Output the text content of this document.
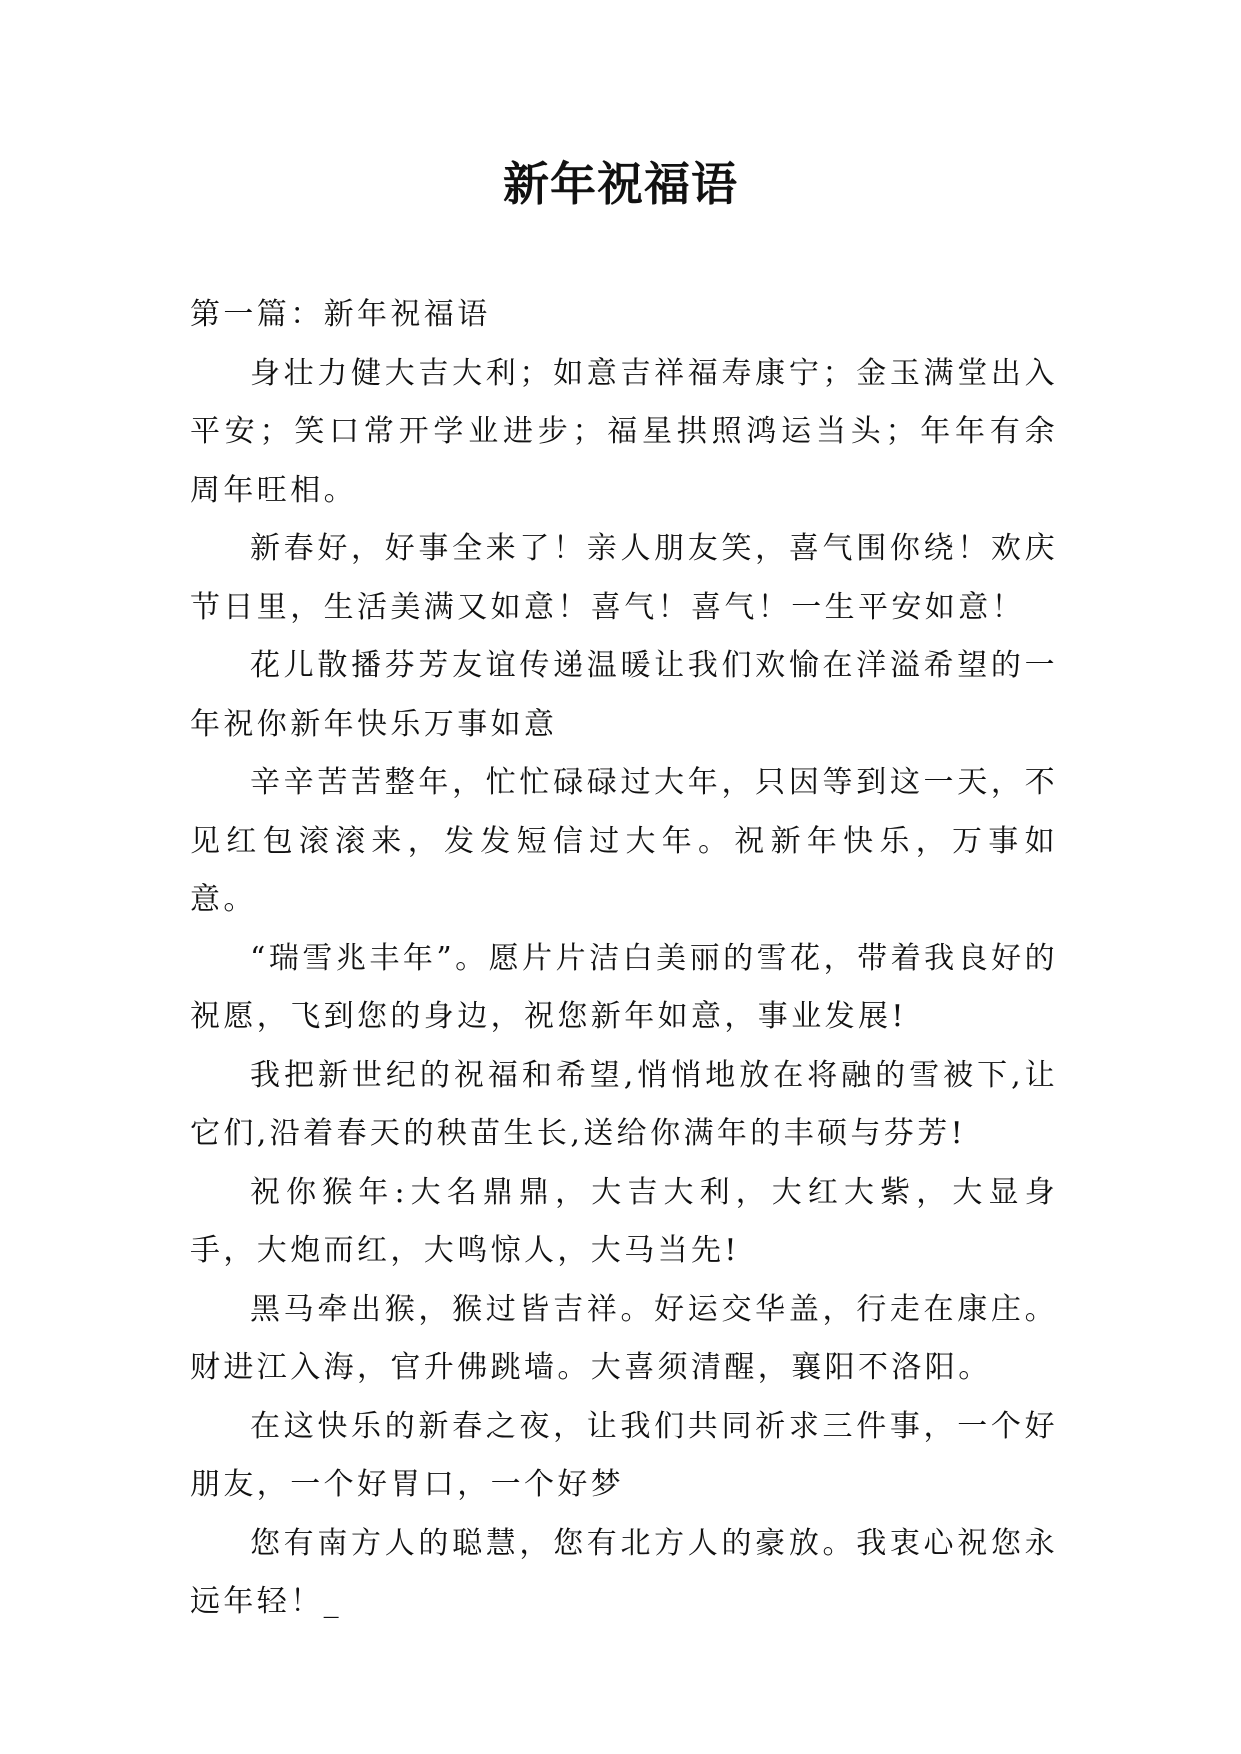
新年祝福语

第一篇：新年祝福语

身壮力健大吉大利；如意吉祥福寿康宁；金玉满堂出入平安；笑口常开学业进步；福星拱照鸿运当头；年年有余周年旺相。

新春好，好事全来了！亲人朋友笑，喜气围你绕！欢庆节日里，生活美满又如意！喜气！喜气！一生平安如意！

花儿散播芬芳友谊传递温暖让我们欢愉在洋溢希望的一年祝你新年快乐万事如意

辛辛苦苦整年，忙忙碌碌过大年，只因等到这一天，不见红包滚滚来，发发短信过大年。祝新年快乐，万事如意。

“瑞雪兆丰年”。愿片片洁白美丽的雪花，带着我良好的祝愿，飞到您的身边，祝您新年如意，事业发展!

我把新世纪的祝福和希望,悄悄地放在将融的雪被下,让它们,沿着春天的秧苗生长,送给你满年的丰硕与芬芳!

祝你猴年:大名鼎鼎，大吉大利，大红大紫，大显身手，大炮而红，大鸣惊人，大马当先!

黑马牵出猴，猴过皆吉祥。好运交华盖，行走在康庄。财进江入海，官升佛跳墙。大喜须清醒，襄阳不洛阳。

在这快乐的新春之夜，让我们共同祈求三件事，一个好朋友，一个好胃口，一个好梦

您有南方人的聪慧，您有北方人的豪放。我衷心祝您永远年轻！_
